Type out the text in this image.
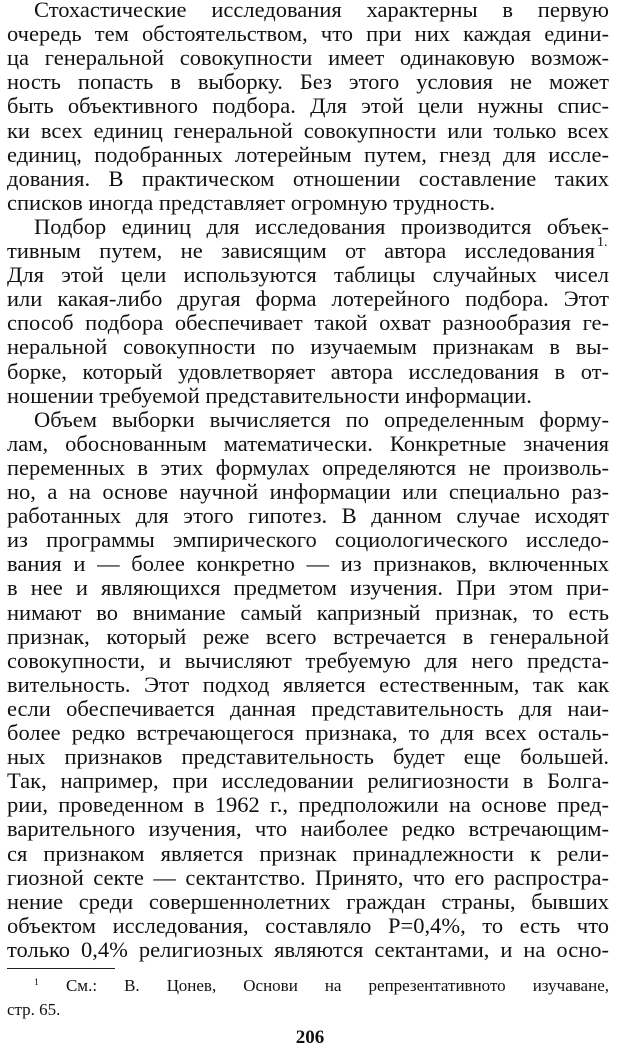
Стохастические исследования характерны в первую
очередь тем обстоятельством, что при них каждая едини-
ца генеральной совокупности имеет одинаковую возмож-
ность попасть в выборку. Без этого условия не может
быть объективного подбора. Для этой цели нужны спис-
ки всех единиц генеральной совокупности или только всех
единиц, подобранных лотерейным путем, гнезд для иссле-
дования. В практическом отношении составление таких
списков иногда представляет огромную трудность.
Подбор единиц для исследования производится объек-
тивным путем, не зависящим от автора исследования 1.
Для этой цели используются таблицы случайных чисел
или какая-либо другая форма лотерейного подбора. Этот
способ подбора обеспечивает такой охват разнообразия ге-
неральной совокупности по изучаемым признакам в вы-
борке, который удовлетворяет автора исследования в от-
ношении требуемой представительности информации.
Объем выборки вычисляется по определенным форму-
лам, обоснованным математически. Конкретные значения
переменных в этих формулах определяются не произволь-
но, а на основе научной информации или специально раз-
работанных для этого гипотез. В данном случае исходят
из программы эмпирического социологического исследо-
вания и — более конкретно — из признаков, включенных
в нее и являющихся предметом изучения. При этом при-
нимают во внимание самый капризный признак, то есть
признак, который реже всего встречается в генеральной
совокупности, и вычисляют требуемую для него предста-
вительность. Этот подход является естественным, так как
если обеспечивается данная представительность для наи-
более редко встречающегося признака, то для всех осталь-
ных признаков представительность будет еще большей.
Так, например, при исследовании религиозности в Болга-
рии, проведенном в 1962 г., предположили на основе пред-
варительного изучения, что наиболее редко встречающим-
ся признаком является признак принадлежности к рели-
гиозной секте — сектантство. Принято, что его распростра-
нение среди совершеннолетних граждан страны, бывших
объектом исследования, составляло P=0,4%, то есть что
только 0,4% религиозных являются сектантами, и на осно-
$^1$ См.: В. Цонев, Основи на репрезентативното изучаване,
стр. 65.
206
